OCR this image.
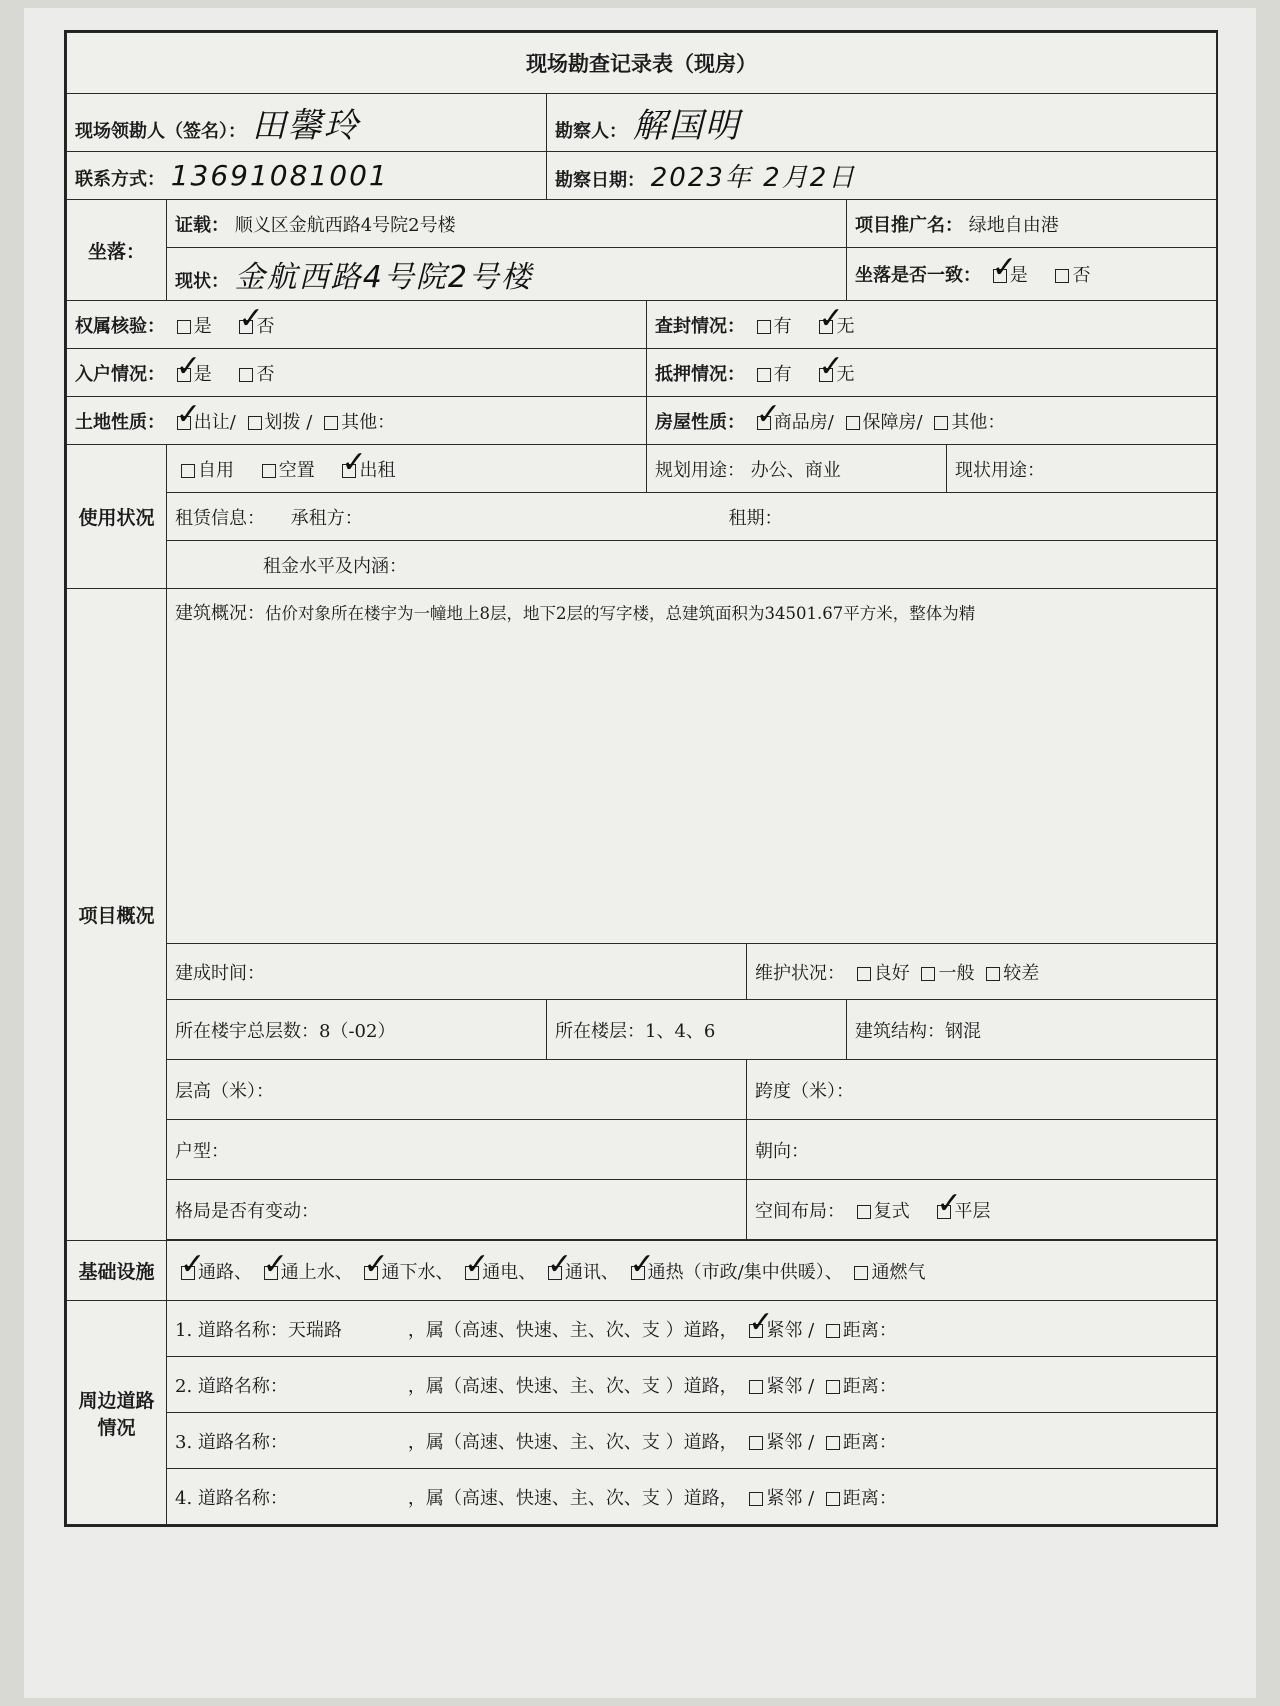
现场勘查记录表（现房）						
现场领勘人（签名）： 田馨玲		勘察人： 解国明				
联系方式： 13691081001		勘察日期： 2023年 2月2日				
坐落：	证载： 顺义区金航西路4号院2号楼				项目推广名： 绿地自由港	
	现状： 金航西路4号院2号楼				坐落是否一致： ✓ 是 否
权属核验： 是 ✓ 否			查封情况： 有 ✓ 无
入户情况： ✓ 是 否			抵押情况： 有 ✓ 无
土地性质： ✓ 出让/ 划拨 / 其他：			房屋性质： ✓ 商品房/ 保障房/ 其他：
使用状况	自用 空置 ✓ 出租		规划用途： 办公、商业			现状用途：
	租赁信息： 承租方： 租期：					
	租金水平及内涵：					
项目概况	建筑概况：估价对象所在楼宇为一幢地上8层，地下2层的写字楼，总建筑面积为34501.67平方米，整体为精					
	建成时间：			维护状况： 良好 一般 较差		
	所在楼宇总层数：8（-02）	所在楼层：1、4、6			建筑结构：钢混	
	层高（米）：			跨度（米）：		
	户型：			朝向：		
	格局是否有变动：			空间布局： 复式 ✓ 平层

基础设施	✓通路、 ✓ 通上水、 ✓ 通下水、 ✓ 通电、 ✓ 通讯、 ✓ 通热（市政/集中供暖）、 通燃气
周边道路情况	1. 道路名称：天瑞路 ，属（高速、快速、主、次、支 ）道路， ✓ 紧邻 / 距离：
	2. 道路名称： ，属（高速、快速、主、次、支 ）道路， 紧邻 / 距离：					
	3. 道路名称： ，属（高速、快速、主、次、支 ）道路， 紧邻 / 距离：					
	4. 道路名称： ，属（高速、快速、主、次、支 ）道路， 紧邻 / 距离：					
